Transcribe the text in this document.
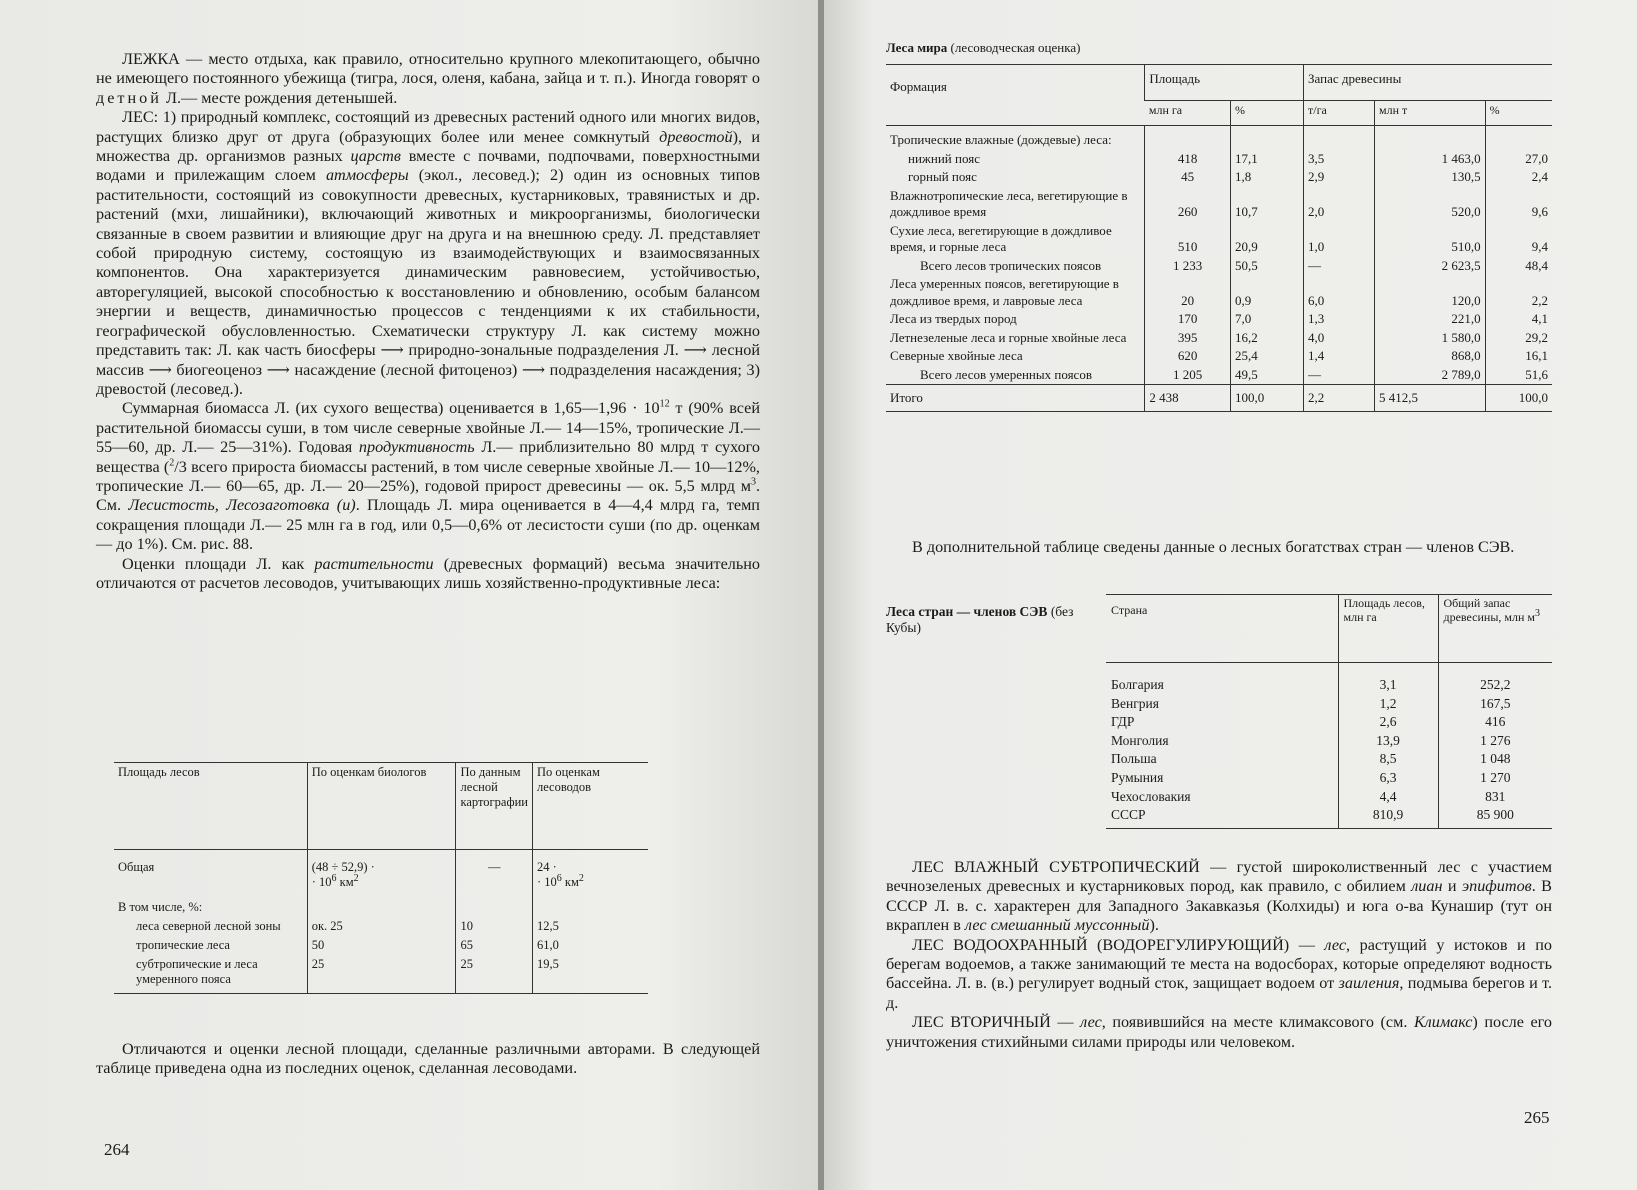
ЛЕЖКА — место отдыха, как правило, относительно крупного млекопитающего, обычно не имеющего постоянного убежища (тигра, лося, оленя, кабана, зайца и т. п.). Иногда говорят о детной Л.— месте рождения детенышей.

ЛЕС: 1) природный комплекс, состоящий из древесных растений одного или многих видов, растущих близко друг от друга (образующих более или менее сомкнутый древостой), и множества др. организмов разных царств вместе с почвами, подпочвами, поверхностными водами и прилежащим слоем атмосферы (экол., лесовед.); 2) один из основных типов растительности, состоящий из совокупности древесных, кустарниковых, травянистых и др. растений (мхи, лишайники), включающий животных и микроорганизмы, биологически связанные в своем развитии и влияющие друг на друга и на внешнюю среду. Л. представляет собой природную систему, состоящую из взаимодействующих и взаимосвязанных компонентов. Она характеризуется динамическим равновесием, устойчивостью, авторегуляцией, высокой способностью к восстановлению и обновлению, особым балансом энергии и веществ, динамичностью процессов с тенденциями к их стабильности, географической обусловленностью. Схематически структуру Л. как систему можно представить так: Л. как часть биосферы ⟶ природно-зональные подразделения Л. ⟶ лесной массив ⟶ биогеоценоз ⟶ насаждение (лесной фитоценоз) ⟶ подразделения насаждения; 3) древостой (лесовед.).

Суммарная биомасса Л. (их сухого вещества) оценивается в 1,65—1,96 · $10^{12}$ т (90% всей растительной биомассы суши, в том числе северные хвойные Л.— 14—15%, тропические Л.— 55—60, др. Л.— 25—31%). Годовая продуктивность Л.— приблизительно 80 млрд т сухого вещества ($^2$/3 всего прироста биомассы растений, в том числе северные хвойные Л.— 10—12%, тропические Л.— 60—65, др. Л.— 20—25%), годовой прирост древесины — ок. 5,5 млрд $м^3$. См. Лесистость, Лесозаготовка (и). Площадь Л. мира оценивается в 4—4,4 млрд га, темп сокращения площади Л.— 25 млн га в год, или 0,5—0,6% от лесистости суши (по др. оценкам — до 1%). См. рис. 88.

Оценки площади Л. как растительности (древесных формаций) весьма значительно отличаются от расчетов лесоводов, учитывающих лишь хозяйственно-продуктивные леса:

Площадь лесов	По оценкам биологов	По данным лесной картографии	По оценкам лесоводов
Общая	(48 ÷ 52,9) ·
· $10^6$ $км^2$	—	24 ·
· $10^6$ $км^2$
В том числе, %:			
леса северной лесной зоны	ок. 25	10	12,5
тропические леса	50	65	61,0
субтропические и леса умеренного пояса	25	25	19,5

Отличаются и оценки лесной площади, сделанные различными авторами. В следующей таблице приведена одна из последних оценок, сделанная лесоводами.

264
Леса мира (лесоводческая оценка)
Формация	Площадь		Запас древесины		
	млн га	%	т/га	млн т	%
Тропические влажные (дождевые) леса:					
нижний пояс	418	17,1	3,5	1 463,0	27,0
горный пояс	45	1,8	2,9	130,5	2,4
Влажнотропические леса, вегетирующие в дождливое время	260	10,7	2,0	520,0	9,6
Сухие леса, вегетирующие в дождливое время, и горные леса	510	20,9	1,0	510,0	9,4
Всего лесов тропических поясов	1 233	50,5	—	2 623,5	48,4
Леса умеренных поясов, вегетирующие в дождливое время, и лавровые леса	20	0,9	6,0	120,0	2,2
Леса из твердых пород	170	7,0	1,3	221,0	4,1
Летнезеленые леса и горные хвойные леса	395	16,2	4,0	1 580,0	29,2
Северные хвойные леса	620	25,4	1,4	868,0	16,1
Всего лесов умеренных поясов	1 205	49,5	—	2 789,0	51,6
Итого	2 438	100,0	2,2	5 412,5	100,0

В дополнительной таблице сведены данные о лесных богатствах стран — членов СЭВ.

Леса стран — членов СЭВ (без Кубы)
Страна	Площадь лесов, млн га	Общий запас древесины, млн $м^3$
Болгария	3,1	252,2
Венгрия	1,2	167,5
ГДР	2,6	416
Монголия	13,9	1 276
Польша	8,5	1 048
Румыния	6,3	1 270
Чехословакия	4,4	831
СССР	810,9	85 900

ЛЕС ВЛАЖНЫЙ СУБТРОПИЧЕСКИЙ — густой широколиственный лес с участием вечнозеленых древесных и кустарниковых пород, как правило, с обилием лиан и эпифитов. В СССР Л. в. с. характерен для Западного Закавказья (Колхиды) и юга о-ва Кунашир (тут он вкраплен в лес смешанный муссонный).

ЛЕС ВОДООХРАННЫЙ (ВОДОРЕГУЛИРУЮЩИЙ) — лес, растущий у истоков и по берегам водоемов, а также занимающий те места на водосборах, которые определяют водность бассейна. Л. в. (в.) регулирует водный сток, защищает водоем от заиления, подмыва берегов и т. д.

ЛЕС ВТОРИЧНЫЙ — лес, появившийся на месте климаксового (см. Климакс) после его уничтожения стихийными силами природы или человеком.

265
